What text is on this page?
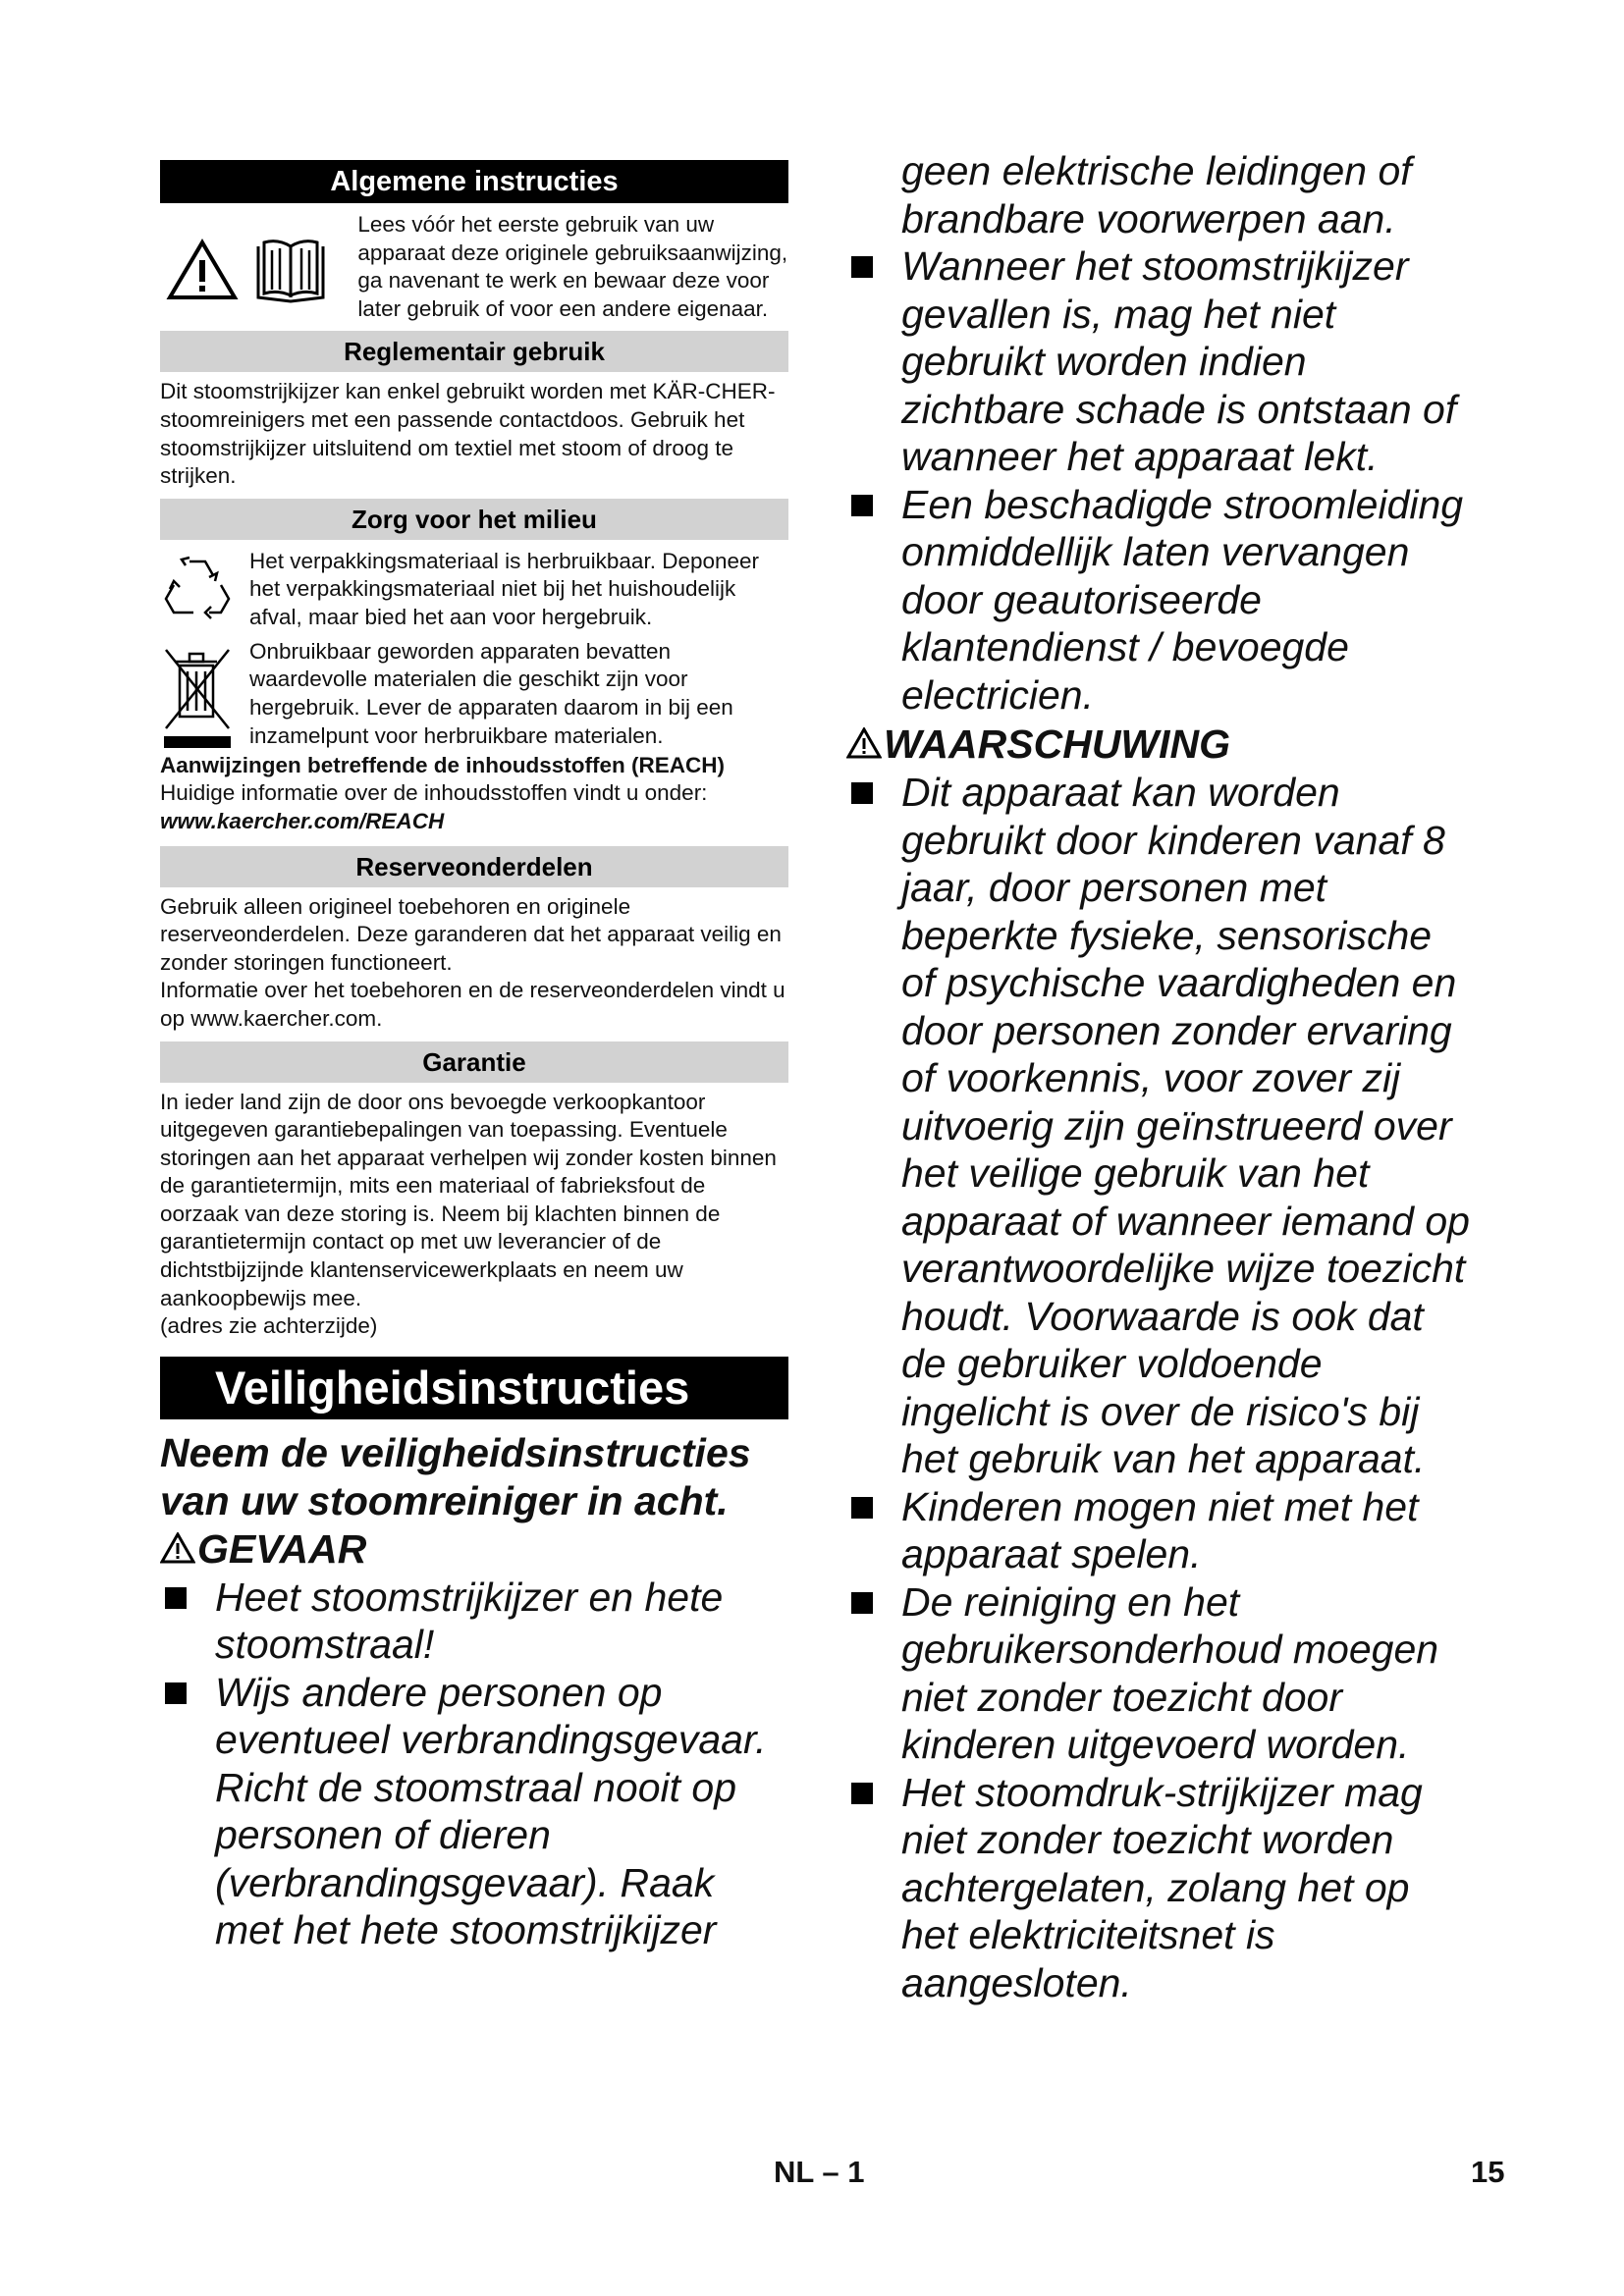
Algemene instructies
Lees vóór het eerste gebruik van uw apparaat deze originele gebruiksaanwijzing, ga navenant te werk en bewaar deze voor later gebruik of voor een andere eigenaar.
Reglementair gebruik

Dit stoomstrijkijzer kan enkel gebruikt worden met KÄR-CHER-stoomreinigers met een passende contactdoos. Gebruik het stoomstrijkijzer uitsluitend om textiel met stoom of droog te strijken.

Zorg voor het milieu
Het verpakkingsmateriaal is herbruikbaar. Deponeer het verpakkingsmateriaal niet bij het huishoudelijk afval, maar bied het aan voor hergebruik.
Onbruikbaar geworden apparaten bevatten waardevolle materialen die geschikt zijn voor hergebruik. Lever de apparaten daarom in bij een inzamelpunt voor herbruikbare materialen.

Aanwijzingen betreffende de inhoudsstoffen (REACH)

Huidige informatie over de inhoudsstoffen vindt u onder:

www.kaercher.com/REACH

Reserveonderdelen

Gebruik alleen origineel toebehoren en originele reserveonderdelen. Deze garanderen dat het apparaat veilig en zonder storingen functioneert.

Informatie over het toebehoren en de reserveonderdelen vindt u op www.kaercher.com.

Garantie

In ieder land zijn de door ons bevoegde verkoopkantoor uitgegeven garantiebepalingen van toepassing. Eventuele storingen aan het apparaat verhelpen wij zonder kosten binnen de garantietermijn, mits een materiaal of fabrieksfout de oorzaak van deze storing is. Neem bij klachten binnen de garantietermijn contact op met uw leverancier of de dichtstbijzijnde klantenservicewerkplaats en neem uw aankoopbewijs mee.

(adres zie achterzijde)

Veiligheidsinstructies

Neem de veiligheidsinstructies van uw stoomreiniger in acht.

GEVAAR

Heet stoomstrijkijzer en hete stoomstraal!
Wijs andere personen op eventueel verbrandingsgevaar. Richt de stoomstraal nooit op personen of dieren (verbrandingsgevaar). Raak met het hete stoomstrijkijzer
geen elektrische leidingen of brandbare voorwerpen aan.
Wanneer het stoomstrijkijzer gevallen is, mag het niet gebruikt worden indien zichtbare schade is ontstaan of wanneer het apparaat lekt.
Een beschadigde stroomleiding onmiddellijk laten vervangen door geautoriseerde klantendienst / bevoegde electricien.

WAARSCHUWING

Dit apparaat kan worden gebruikt door kinderen vanaf 8 jaar, door personen met beperkte fysieke, sensorische of psychische vaardigheden en door personen zonder ervaring of voorkennis, voor zover zij uitvoerig zijn geïnstrueerd over het veilige gebruik van het apparaat of wanneer iemand op verantwoordelijke wijze toezicht houdt. Voorwaarde is ook dat de gebruiker voldoende ingelicht is over de risico's bij het gebruik van het apparaat.
Kinderen mogen niet met het apparaat spelen.
De reiniging en het gebruikersonderhoud moegen niet zonder toezicht door kinderen uitgevoerd worden.
Het stoomdruk-strijkijzer mag niet zonder toezicht worden achtergelaten, zolang het op het elektriciteitsnet is aangesloten.
NL – 1	15
